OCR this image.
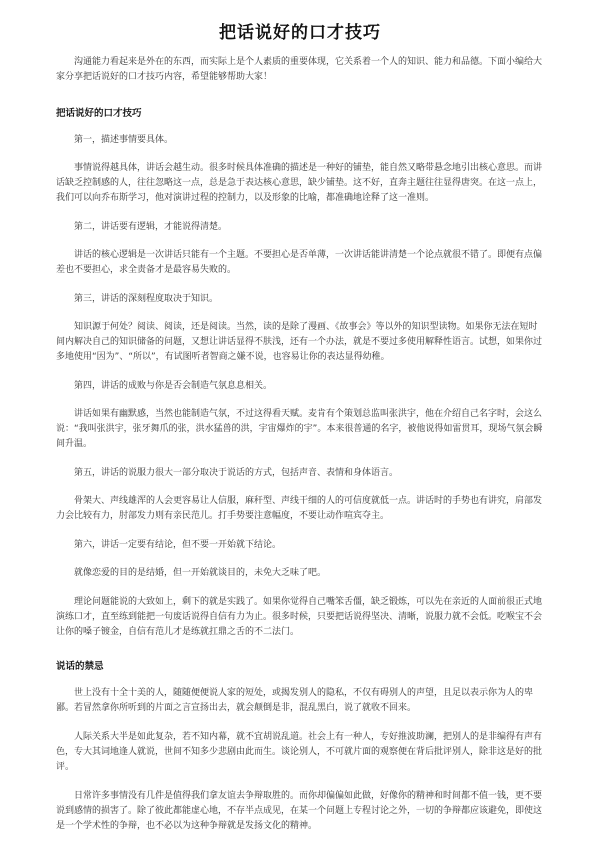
把话说好的口才技巧

沟通能力看起来是外在的东西，而实际上是个人素质的重要体现，它关系着一个人的知识、能力和品德。下面小编给大家分享把话说好的口才技巧内容，希望能够帮助大家！

把话说好的口才技巧

第一，描述事情要具体。

事情说得越具体，讲话会越生动。很多时候具体准确的描述是一种好的铺垫，能自然又略带悬念地引出核心意思。而讲话缺乏控制感的人，往往忽略这一点，总是急于表达核心意思，缺少铺垫。这不好，直奔主题往往显得唐突。在这一点上，我们可以向乔布斯学习，他对演讲过程的控制力，以及形象的比喻，都准确地诠释了这一准则。

第二，讲话要有逻辑，才能说得清楚。

讲话的核心逻辑是一次讲话只能有一个主题。不要担心是否单薄，一次讲话能讲清楚一个论点就很不错了。即便有点偏差也不要担心，求全责备才是最容易失败的。

第三，讲话的深刻程度取决于知识。

知识源于何处？阅读、阅读，还是阅读。当然，读的是除了漫画、《故事会》等以外的知识型读物。如果你无法在短时间内解决自己的知识储备的问题，又想让讲话显得不肤浅，还有一个办法，就是不要过多使用解释性语言。试想，如果你过多地使用“因为”、“所以”，有试图听者智商之嫌不说，也容易让你的表达显得幼稚。

第四，讲话的成败与你是否会制造气氛息息相关。

讲话如果有幽默感，当然也能制造气氛，不过这得看天赋。麦肯有个策划总监叫张洪宇，他在介绍自己名字时，会这么说：“我叫张洪宇，张牙舞爪的张，洪水猛兽的洪，宇宙爆炸的宇”。本来很普通的名字，被他说得如雷贯耳，现场气氛会瞬间升温。

第五，讲话的说服力很大一部分取决于说话的方式，包括声音、表情和身体语言。

骨架大、声线雄浑的人会更容易让人信服，麻秆型、声线干细的人的可信度就低一点。讲话时的手势也有讲究，肩部发力会比较有力，肘部发力则有亲民范儿。打手势要注意幅度，不要让动作喧宾夺主。

第六，讲话一定要有结论，但不要一开始就下结论。

就像恋爱的目的是结婚，但一开始就谈目的，未免大乏味了吧。

理论问题能说的大致如上，剩下的就是实践了。如果你觉得自己嘴笨舌僵，缺乏锻炼，可以先在亲近的人面前很正式地演练口才，直至练到能把一句废话说得自信有力为止。很多时候，只要把话说得坚决、清晰，说服力就不会低。吃喉宝不会让你的嗓子镀金，自信有范儿才是练就扛鼎之舌的不二法门。

说话的禁忌

世上没有十全十美的人，随随便便说人家的短处，或揭发别人的隐私，不仅有碍别人的声望，且足以表示你为人的卑鄙。若冒然拿你所听到的片面之言宣扬出去，就会颠倒是非，混乱黑白，说了就收不回来。

人际关系大半是如此复杂，若不知内幕，就不宜胡说乱道。社会上有一种人，专好推波助澜，把别人的是非编得有声有色，专大其词地逢人就说，世间不知多少悲剧由此而生。谈论别人，不可就片面的观察便在背后批评别人，除非这是好的批评。

日常许多事情没有几件是值得我们拿友谊去争辩取胜的。而你却偏偏如此做，好像你的精神和时间都不值一钱，更不要说到感情的损害了。除了彼此都能虚心地，不存半点成见，在某一个问题上专程讨论之外，一切的争辩都应该避免，即使这是一个学术性的争辩，也不必以为这种争辩就是发扬文化的精神。
